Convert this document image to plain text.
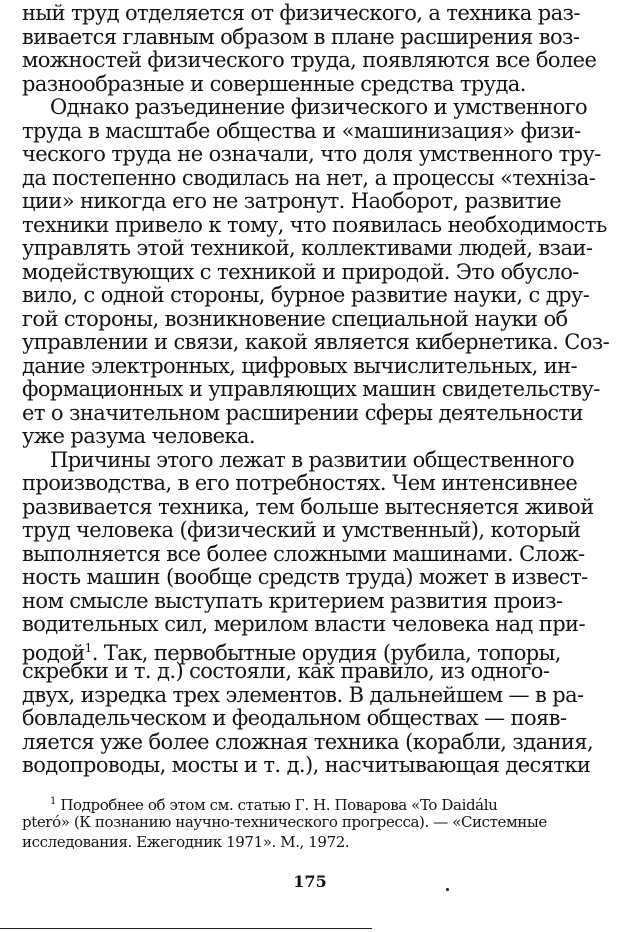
ный труд отделяется от физического, а техника раз-
вивается главным образом в плане расширения воз-
можностей физического труда, появляются все более
разнообразные и совершенные средства труда.
Однако разъединение физического и умственного
труда в масштабе общества и «машинизация» физи-
ческого труда не означали, что доля умственного тру-
да постепенно сводилась на нет, а процессы «технiза-
ции» никогда его не затронут. Наоборот, развитие
техники привело к тому, что появилась необходимость
управлять этой техникой, коллективами людей, взаи-
модействующих с техникой и природой. Это обусло-
вило, с одной стороны, бурное развитие науки, с дру-
гой стороны, возникновение специальной науки об
управлении и связи, какой является кибернетика. Соз-
дание электронных, цифровых вычислительных, ин-
формационных и управляющих машин свидетельству-
ет о значительном расширении сферы деятельности
уже разума человека.
Причины этого лежат в развитии общественного
производства, в его потребностях. Чем интенсивнее
развивается техника, тем больше вытесняется живой
труд человека (физический и умственный), который
выполняется все более сложными машинами. Слож-
ность машин (вообще средств труда) может в извест-
ном смысле выступать критерием развития произ-
водительных сил, мерилом власти человека над при-
родой$^1$. Так, первобытные орудия (рубила, топоры,
скребки и т. д.) состояли, как правило, из одного-
двух, изредка трех элементов. В дальнейшем — в ра-
бовладельческом и феодальном обществах — появ-
ляется уже более сложная техника (корабли, здания,
водопроводы, мосты и т. д.), насчитывающая десятки
$^1$ Подробнее об этом см. статью Г. Н. Поварова «To Daidálu
pteró» (К познанию научно-технического прогресса). — «Системные
исследования. Ежегодник 1971». М., 1972.
175
